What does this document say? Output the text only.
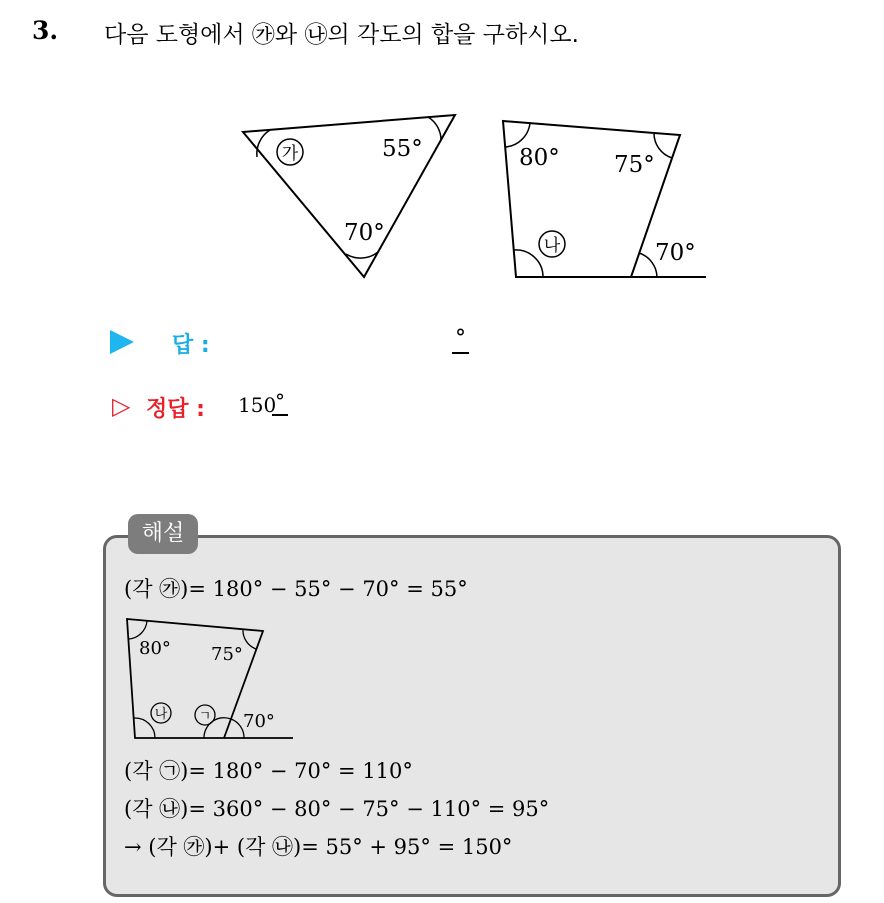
3. 다음 도형에서 ㉮와 ㉯의 각도의 합을 구하시오.
가	55°
70°
80° 75°
나	70°
답 :	°
▷ 정답 : 150
°
해설
(각 ㉮)= 180° − 55° − 70° = 55°
80° 75°
나 ㄱ 70°
(각 ㉠)= 180° − 70° = 110°
(각 ㉯)= 360° − 80° − 75° − 110° = 95°
→ (각 ㉮)+ (각 ㉯)= 55° + 95° = 150°
